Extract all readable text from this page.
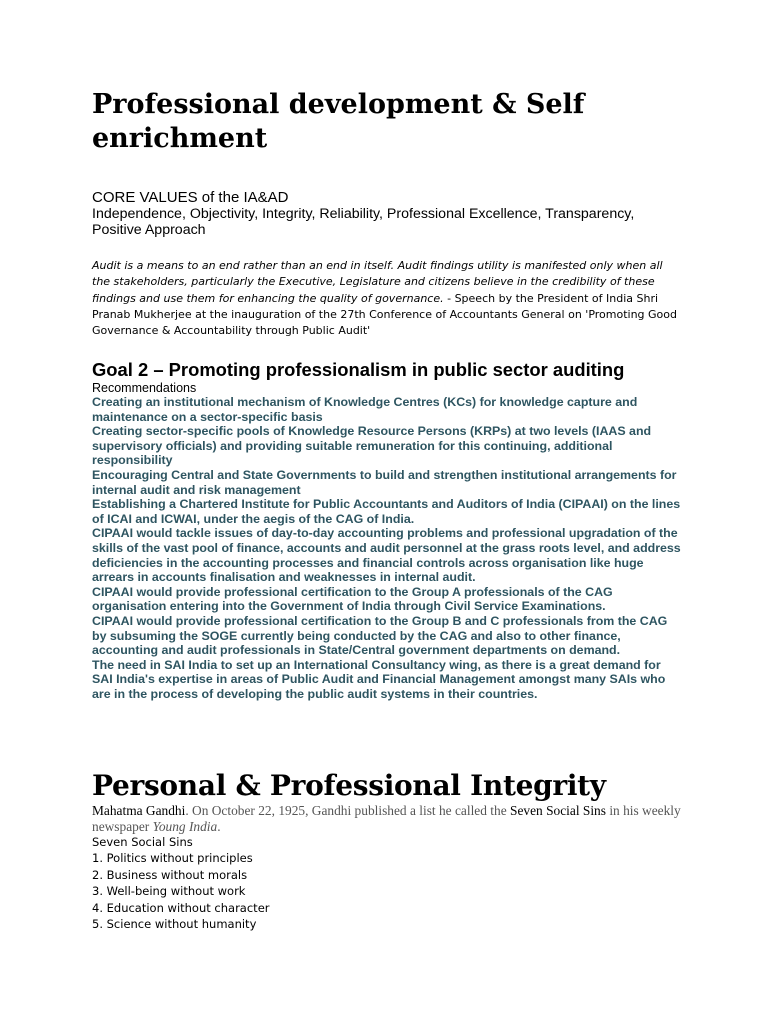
Professional development & Self enrichment

CORE VALUES of the IA&AD

Independence, Objectivity, Integrity, Reliability, Professional Excellence, Transparency, Positive Approach

Audit is a means to an end rather than an end in itself. Audit findings utility is manifested only when all the stakeholders, particularly the Executive, Legislature and citizens believe in the credibility of these findings and use them for enhancing the quality of governance. - Speech by the President of India Shri Pranab Mukherjee at the inauguration of the 27th Conference of Accountants General on 'Promoting Good Governance & Accountability through Public Audit'

Goal 2 – Promoting professionalism in public sector auditing

Recommendations

Creating an institutional mechanism of Knowledge Centres (KCs) for knowledge capture and maintenance on a sector-specific basis
Creating sector-specific pools of Knowledge Resource Persons (KRPs) at two levels (IAAS and supervisory officials) and providing suitable remuneration for this continuing, additional responsibility
Encouraging Central and State Governments to build and strengthen institutional arrangements for internal audit and risk management
Establishing a Chartered Institute for Public Accountants and Auditors of India (CIPAAI) on the lines of ICAI and ICWAI, under the aegis of the CAG of India.
CIPAAI would tackle issues of day-to-day accounting problems and professional upgradation of the skills of the vast pool of finance, accounts and audit personnel at the grass roots level, and address deficiencies in the accounting processes and financial controls across organisation like huge arrears in accounts finalisation and weaknesses in internal audit.
CIPAAI would provide professional certification to the Group A professionals of the CAG organisation entering into the Government of India through Civil Service Examinations.
CIPAAI would provide professional certification to the Group B and C professionals from the CAG by subsuming the SOGE currently being conducted by the CAG and also to other finance, accounting and audit professionals in State/Central government departments on demand.
The need in SAI India to set up an International Consultancy wing, as there is a great demand for SAI India's expertise in areas of Public Audit and Financial Management amongst many SAIs who are in the process of developing the public audit systems in their countries.
Personal & Professional Integrity

Mahatma Gandhi. On October 22, 1925, Gandhi published a list he called the Seven Social Sins in his weekly newspaper Young India.

Seven Social Sins

1. Politics without principles
2. Business without morals
3. Well-being without work
4. Education without character
5. Science without humanity
